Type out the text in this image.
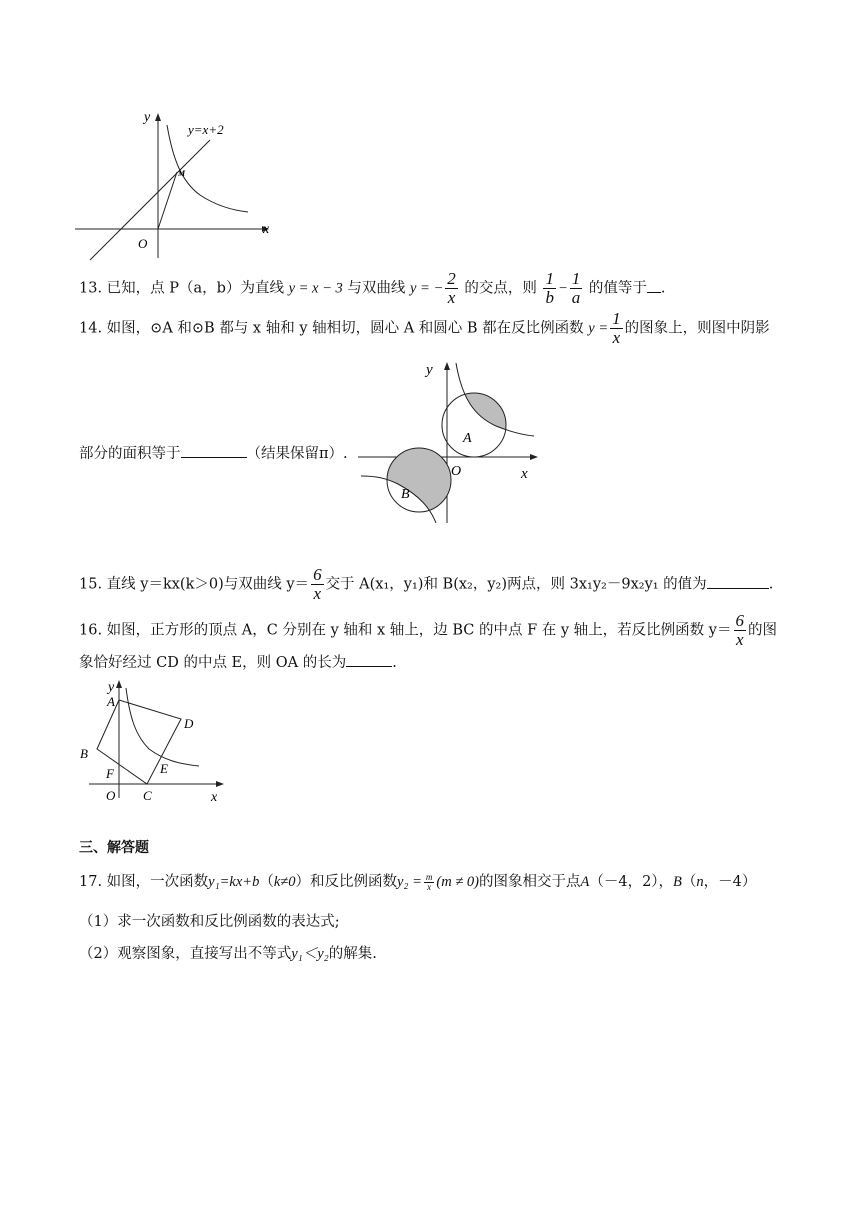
y
y=x+2
M
O
x
13. 已知，点 P（a，b）为直线 y = x − 3 与双曲线 y = − $\frac{2}{x}$ 的交点，则 $\frac{1}{b} - \frac{1}{a}$ 的值等于 .
14. 如图，⊙A 和⊙B 都与 x 轴和 y 轴相切，圆心 A 和圆心 B 都在反比例函数 $y = \frac{1}{x}$ 的图象上，则图中阴影
部分的面积等于	（结果保留π）.
y
A
O	x
B
15. 直线 y＝kx(k＞0)与双曲线 $y= \frac{6}{x}$ 交于 A(x₁，y₁)和 B(x₂，y₂)两点，则 3x₁y₂－9x₂y₁ 的值为	.
16. 如图，正方形的顶点 A，C 分别在 y 轴和 x 轴上，边 BC 的中点 F 在 y 轴上，若反比例函数 $y= \frac{6}{x}$ 的图
象恰好经过 CD 的中点 E，则 OA 的长为	.
y
A
D
B
E
F
O C	x
三、解答题
17. 如图，一次函数y₁=kx+b（k≠0）和反比例函数$y_2 = \frac{m}{x} (m \ne 0)$的图象相交于点A（－4，2），B（n，－4）
（1）求一次函数和反比例函数的表达式;
（2）观察图象，直接写出不等式y₁＜y₂的解集.
